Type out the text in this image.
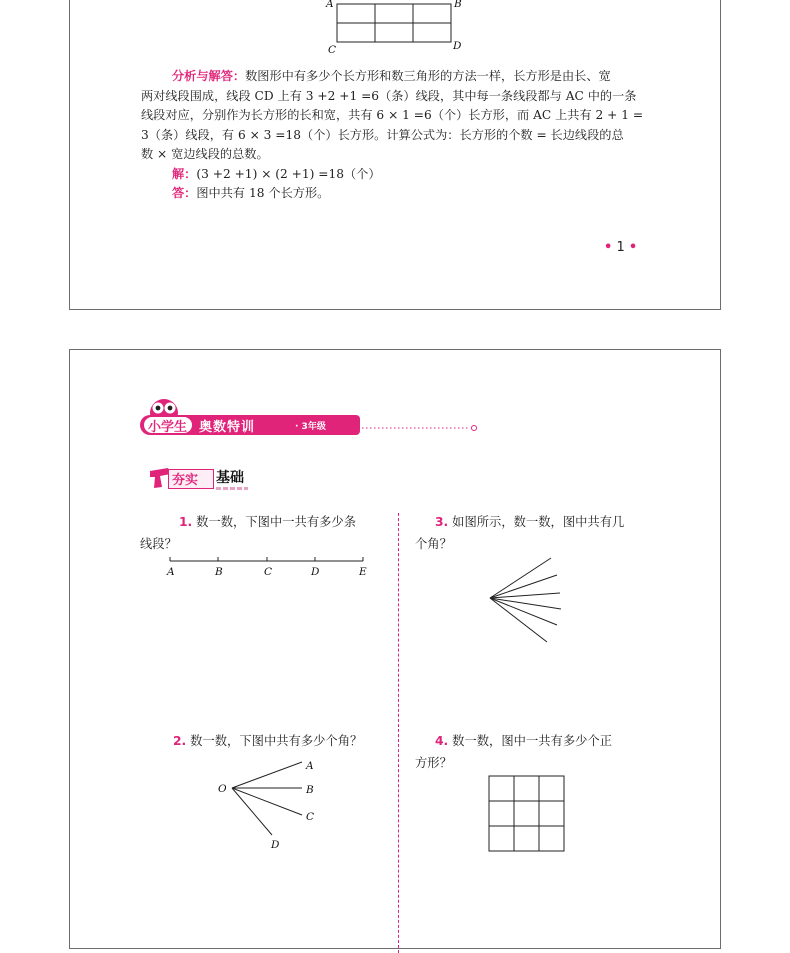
A	B
C	D
分析与解答：数图形中有多少个长方形和数三角形的方法一样，长方形是由长、宽
两对线段围成，线段 CD 上有 3 +2 +1 =6（条）线段，其中每一条线段都与 AC 中的一条
线段对应，分别作为长方形的长和宽，共有 6 × 1 =6（个）长方形，而 AC 上共有 2 + 1 =
3（条）线段，有 6 × 3 =18（个）长方形。计算公式为：长方形的个数 = 长边线段的总
数 × 宽边线段的总数。
解：(3 +2 +1) × (2 +1) =18（个）
答：图中共有 18 个长方形。
• 1 •
小学生 奥数特训	· 3年级
夯实 基础
1. 数一数，下图中一共有多少条
线段？
A	B	C	D	E
3. 如图所示，数一数，图中共有几
个角？
2. 数一数，下图中共有多少个角？
O
A
B
C
D
4. 数一数，图中一共有多少个正
方形？
